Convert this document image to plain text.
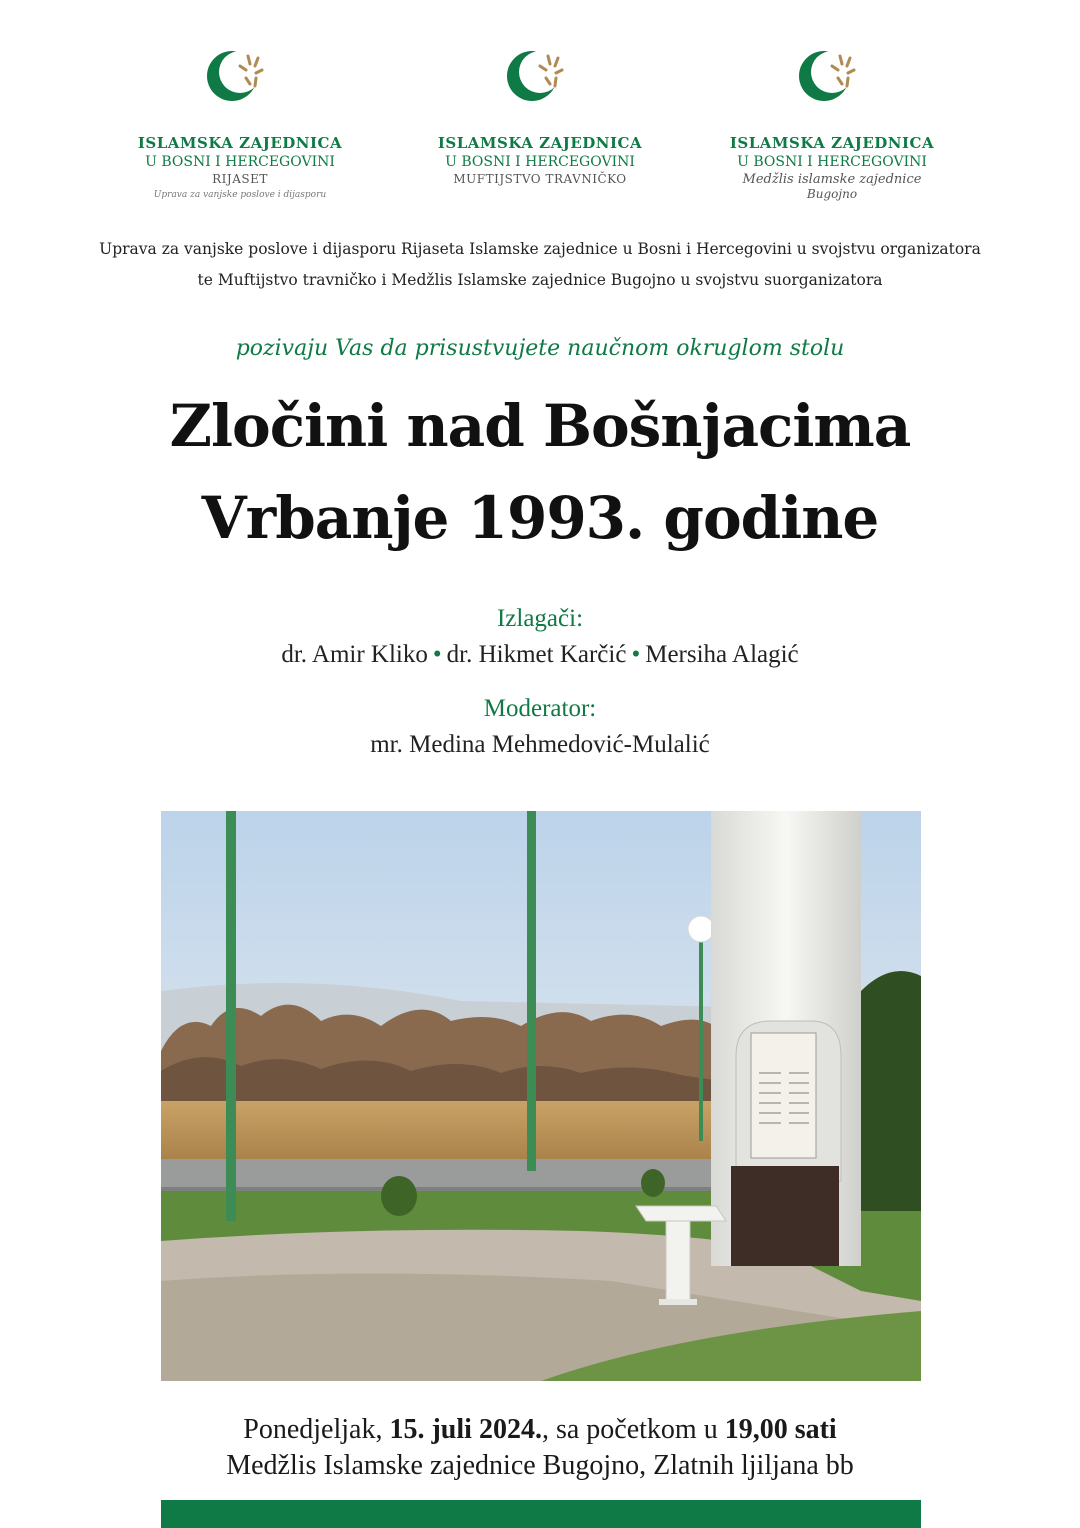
ISLAMSKA ZAJEDNICA
U BOSNI I HERCEGOVINI
RIJASET
Uprava za vanjske poslove i dijasporu
ISLAMSKA ZAJEDNICA
U BOSNI I HERCEGOVINI
MUFTIJSTVO TRAVNIČKO
ISLAMSKA ZAJEDNICA
U BOSNI I HERCEGOVINI
Medžlis islamske zajednice
Bugojno
Uprava za vanjske poslove i dijasporu Rijaseta Islamske zajednice u Bosni i Hercegovini u svojstvu organizatora
te Muftijstvo travničko i Medžlis Islamske zajednice Bugojno u svojstvu suorganizatora
pozivaju Vas da prisustvujete naučnom okruglom stolu
Zločini nad Bošnjacima
Vrbanje 1993. godine
Izlagači:
dr. Amir Kliko • dr. Hikmet Karčić • Mersiha Alagić
Moderator:
mr. Medina Mehmedović-Mulalić
Ponedjeljak, 15. juli 2024., sa početkom u 19,00 sati
Medžlis Islamske zajednice Bugojno, Zlatnih ljiljana bb
